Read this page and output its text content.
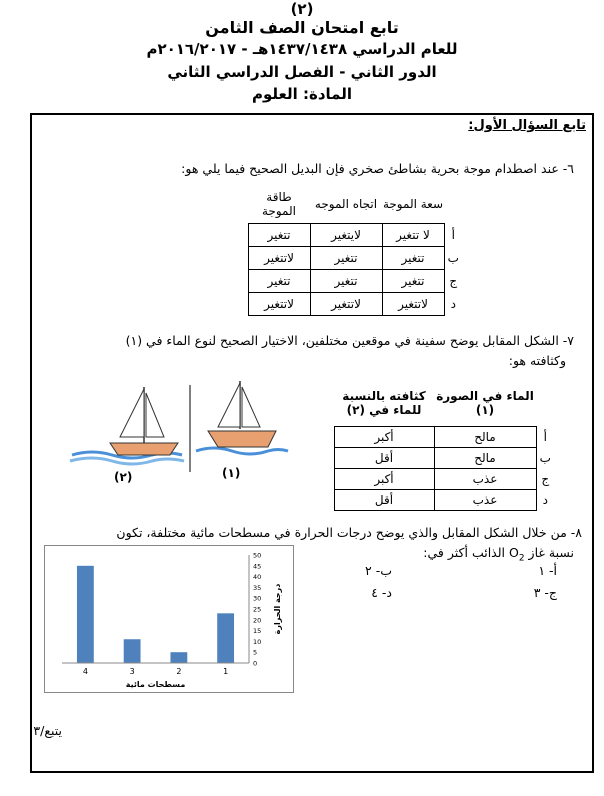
(٢)
تابع امتحان الصف الثامن
للعام الدراسي ١٤٣٧/١٤٣٨هـ - ٢٠١٦/٢٠١٧م
الدور الثاني - الفصل الدراسي الثاني
المادة: العلوم
تابع السؤال الأول:
٦- عند اصطدام موجة بحرية بشاطئ صخري فإن البديل الصحيح فيما يلي هو:
	سعة الموجة	اتجاه الموجه	طاقة الموجة
أ	لا تتغير	لايتغير	تتغير
ب	تتغير	تتغير	لاتتغير
ج	تتغير	تتغير	تتغير
د	لاتتغير	لاتتغير	لاتتغير
٧- الشكل المقابل يوضح سفينة في موقعين مختلفين، الاختيار الصحيح لنوع الماء في (١)
وكثافته هو:
	الماء في الصورة (١)	كثافته بالنسبة للماء في (٢)
أ	مالح	أكبر
ب	مالح	أقل
ج	عذب	أكبر
د	عذب	أقل
(٢)	(١)
٨- من خلال الشكل المقابل والذي يوضح درجات الحرارة في مسطحات مائية مختلفة، تكون
نسبة غاز $O_2$ الذائب أكثر في:
أ- ١
ب- ٢
ج- ٣
د- ٤
0
5
10
15
20
25
30
35
40
45
50
4	3	2	1
مسطحات مائية
درجة الحرارة
يتبع/٣
